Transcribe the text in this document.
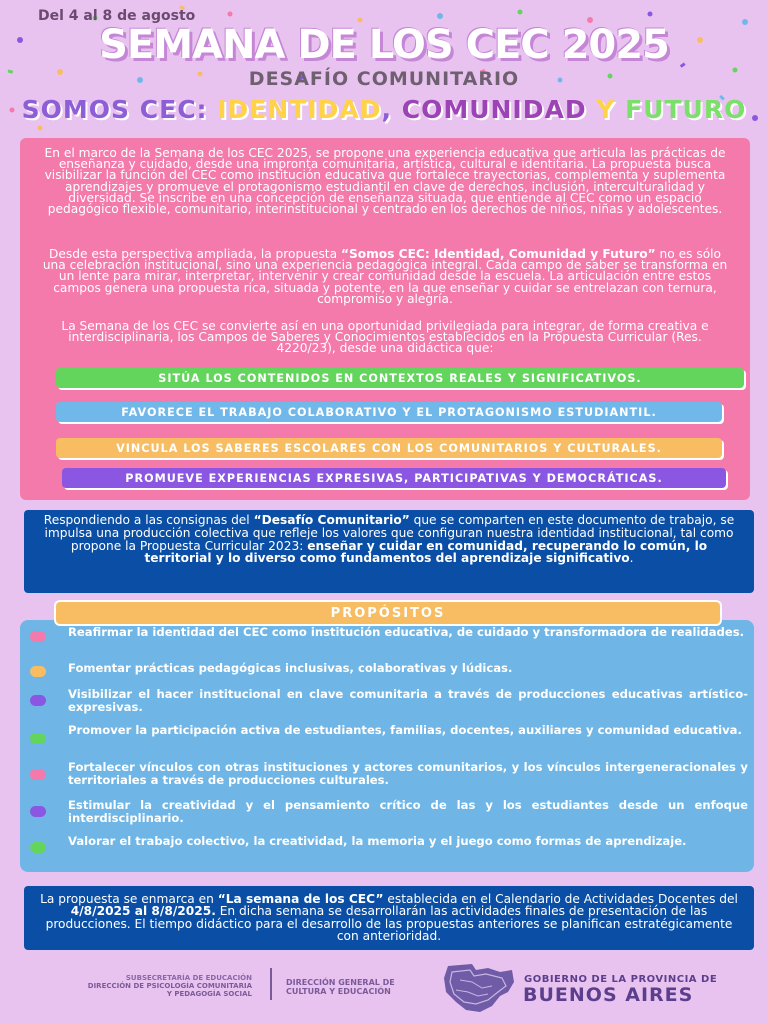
Del 4 al 8 de agosto
SEMANA DE LOS CEC 2025
DESAFÍO COMUNITARIO
SOMOS CEC: IDENTIDAD, COMUNIDAD Y FUTURO

En el marco de la Semana de los CEC 2025, se propone una experiencia educativa que articula las prácticas de enseñanza y cuidado, desde una impronta comunitaria, artística, cultural e identitaria. La propuesta busca visibilizar la función del CEC como institución educativa que fortalece trayectorias, complementa y suplementa aprendizajes y promueve el protagonismo estudiantil en clave de derechos, inclusión, interculturalidad y diversidad. Se inscribe en una concepción de enseñanza situada, que entiende al CEC como un espacio pedagógico flexible, comunitario, interinstitucional y centrado en los derechos de niños, niñas y adolescentes.

Desde esta perspectiva ampliada, la propuesta “Somos CEC: Identidad, Comunidad y Futuro” no es sólo una celebración institucional, sino una experiencia pedagógica integral. Cada campo de saber se transforma en un lente para mirar, interpretar, intervenir y crear comunidad desde la escuela. La articulación entre estos campos genera una propuesta rica, situada y potente, en la que enseñar y cuidar se entrelazan con ternura, compromiso y alegría.

La Semana de los CEC se convierte así en una oportunidad privilegiada para integrar, de forma creativa e interdisciplinaria, los Campos de Saberes y Conocimientos establecidos en la Propuesta Curricular (Res. 4220/23), desde una didáctica que:

SITÚA LOS CONTENIDOS EN CONTEXTOS REALES Y SIGNIFICATIVOS.
FAVORECE EL TRABAJO COLABORATIVO Y EL PROTAGONISMO ESTUDIANTIL.
VINCULA LOS SABERES ESCOLARES CON LOS COMUNITARIOS Y CULTURALES.
PROMUEVE EXPERIENCIAS EXPRESIVAS, PARTICIPATIVAS Y DEMOCRÁTICAS.

Respondiendo a las consignas del “Desafío Comunitario” que se comparten en este documento de trabajo, se impulsa una producción colectiva que refleje los valores que configuran nuestra identidad institucional, tal como propone la Propuesta Curricular 2023: enseñar y cuidar en comunidad, recuperando lo común, lo territorial y lo diverso como fundamentos del aprendizaje significativo.

Reafirmar la identidad del CEC como institución educativa, de cuidado y transformadora de realidades.
Fomentar prácticas pedagógicas inclusivas, colaborativas y lúdicas.
Visibilizar el hacer institucional en clave comunitaria a través de producciones educativas artístico-expresivas.
Promover la participación activa de estudiantes, familias, docentes, auxiliares y comunidad educativa.
Fortalecer vínculos con otras instituciones y actores comunitarios, y los vínculos intergeneracionales y territoriales a través de producciones culturales.
Estimular la creatividad y el pensamiento crítico de las y los estudiantes desde un enfoque interdisciplinario.
Valorar el trabajo colectivo, la creatividad, la memoria y el juego como formas de aprendizaje.
PROPÓSITOS

La propuesta se enmarca en “La semana de los CEC” establecida en el Calendario de Actividades Docentes del 4/8/2025 al 8/8/2025. En dicha semana se desarrollarán las actividades finales de presentación de las producciones. El tiempo didáctico para el desarrollo de las propuestas anteriores se planifican estratégicamente con anterioridad.

SUBSECRETARÍA DE EDUCACIÓN
DIRECCIÓN DE PSICOLOGÍA COMUNITARIA
Y PEDAGOGÍA SOCIAL
DIRECCIÓN GENERAL DE
CULTURA Y EDUCACIÓN
GOBIERNO DE LA PROVINCIA DE
BUENOS AIRES
